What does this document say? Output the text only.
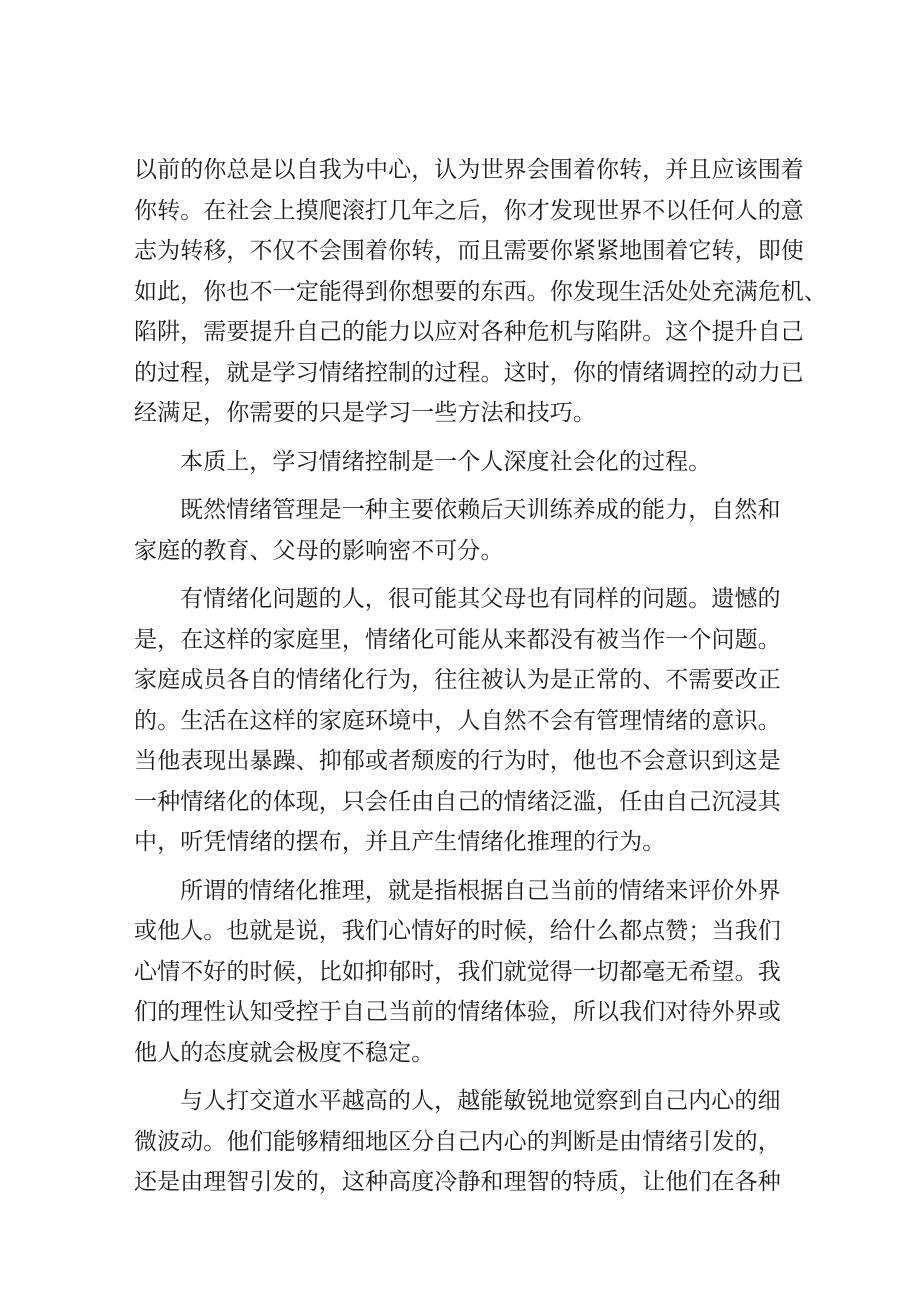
以前的你总是以自我为中心，认为世界会围着你转，并且应该围着
你转。在社会上摸爬滚打几年之后，你才发现世界不以任何人的意
志为转移，不仅不会围着你转，而且需要你紧紧地围着它转，即使
如此，你也不一定能得到你想要的东西。你发现生活处处充满危机、
陷阱，需要提升自己的能力以应对各种危机与陷阱。这个提升自己
的过程，就是学习情绪控制的过程。这时，你的情绪调控的动力已
经满足，你需要的只是学习一些方法和技巧。

本质上，学习情绪控制是一个人深度社会化的过程。

既然情绪管理是一种主要依赖后天训练养成的能力，自然和
家庭的教育、父母的影响密不可分。

有情绪化问题的人，很可能其父母也有同样的问题。遗憾的
是，在这样的家庭里，情绪化可能从来都没有被当作一个问题。
家庭成员各自的情绪化行为，往往被认为是正常的、不需要改正
的。生活在这样的家庭环境中，人自然不会有管理情绪的意识。
当他表现出暴躁、抑郁或者颓废的行为时，他也不会意识到这是
一种情绪化的体现，只会任由自己的情绪泛滥，任由自己沉浸其
中，听凭情绪的摆布，并且产生情绪化推理的行为。

所谓的情绪化推理，就是指根据自己当前的情绪来评价外界
或他人。也就是说，我们心情好的时候，给什么都点赞；当我们
心情不好的时候，比如抑郁时，我们就觉得一切都毫无希望。我
们的理性认知受控于自己当前的情绪体验，所以我们对待外界或
他人的态度就会极度不稳定。

与人打交道水平越高的人，越能敏锐地觉察到自己内心的细
微波动。他们能够精细地区分自己内心的判断是由情绪引发的，
还是由理智引发的，这种高度冷静和理智的特质，让他们在各种
